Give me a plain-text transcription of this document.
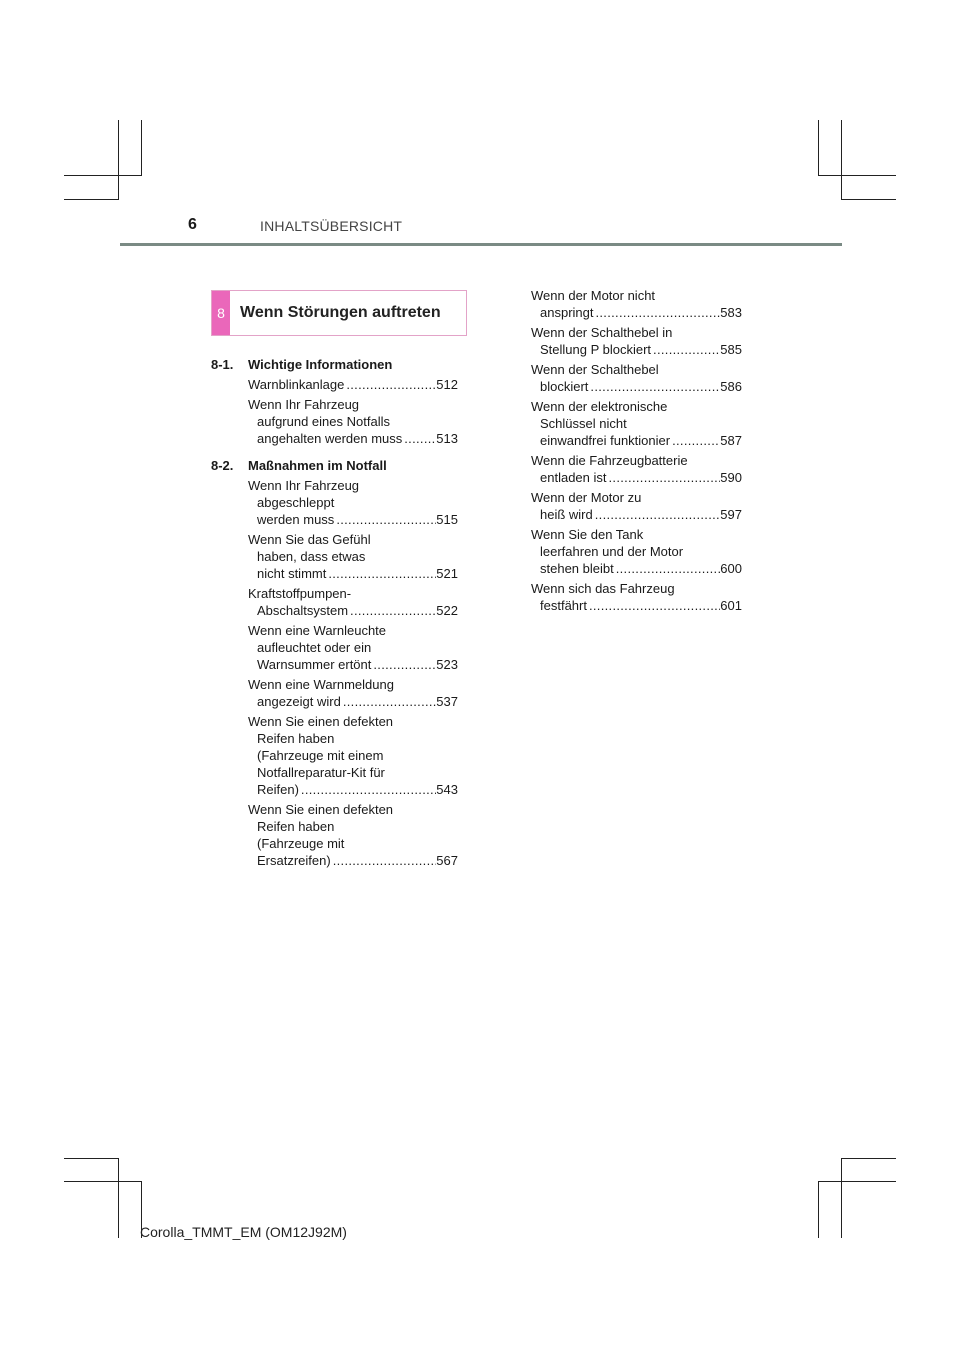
6	INHALTSÜBERSICHT
8 Wenn Störungen auftreten
8-1. Wichtige Informationen
Warnblinkanlage .....	512
Wenn Ihr Fahrzeug
aufgrund eines Notfalls
angehalten werden muss .....	513
8-2. Maßnahmen im Notfall
Wenn Ihr Fahrzeug
abgeschleppt
werden muss .....	515
Wenn Sie das Gefühl
haben, dass etwas
nicht stimmt .....	521
Kraftstoffpumpen-
Abschaltsystem .....	522
Wenn eine Warnleuchte
aufleuchtet oder ein
Warnsummer ertönt .....	523
Wenn eine Warnmeldung
angezeigt wird .....	537
Wenn Sie einen defekten
Reifen haben
(Fahrzeuge mit einem
Notfallreparatur-Kit für
Reifen) .....	543
Wenn Sie einen defekten
Reifen haben
(Fahrzeuge mit
Ersatzreifen) .....	567
Wenn der Motor nicht
anspringt .....	583
Wenn der Schalthebel in
Stellung P blockiert .....	585
Wenn der Schalthebel
blockiert .....	586
Wenn der elektronische
Schlüssel nicht
einwandfrei funktionier .....	587
Wenn die Fahrzeugbatterie
entladen ist .....	590
Wenn der Motor zu
heiß wird .....	597
Wenn Sie den Tank
leerfahren und der Motor
stehen bleibt .....	600
Wenn sich das Fahrzeug
festfährt .....	601
Corolla_TMMT_EM (OM12J92M)
